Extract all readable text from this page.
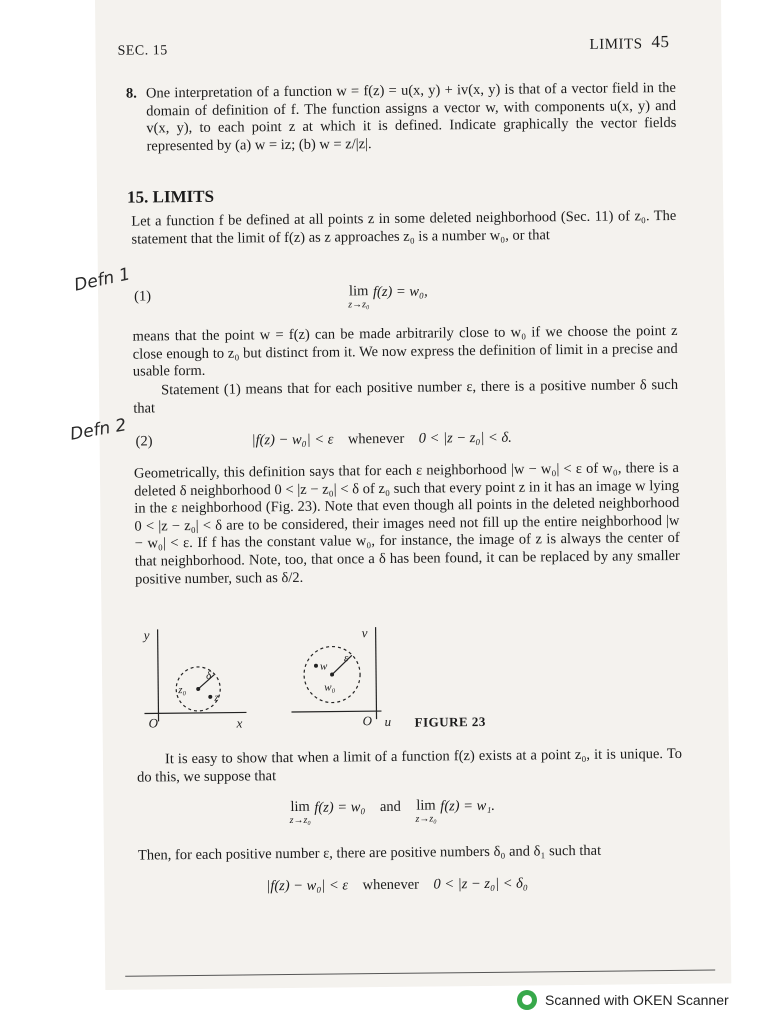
SEC. 15	LIMITS 45
8. One interpretation of a function w = f(z) = u(x, y) + iv(x, y) is that of a vector field in the domain of definition of f. The function assigns a vector w, with components u(x, y) and v(x, y), to each point z at which it is defined. Indicate graphically the vector fields represented by (a) w = iz; (b) w = z/|z|.
15. LIMITS
Let a function f be defined at all points z in some deleted neighborhood (Sec. 11) of z₀. The statement that the limit of f(z) as z approaches z₀ is a number w₀, or that
(1)	lim
z→z₀
f(z) = w₀,
means that the point w = f(z) can be made arbitrarily close to w₀ if we choose the point z close enough to z₀ but distinct from it. We now express the definition of limit in a precise and usable form.
Statement (1) means that for each positive number ε, there is a positive number δ such that
(2)	|f(z) − w₀| < ε whenever 0 < |z − z₀| < δ.
Geometrically, this definition says that for each ε neighborhood |w − w₀| < ε of w₀, there is a deleted δ neighborhood 0 < |z − z₀| < δ of z₀ such that every point z in it has an image w lying in the ε neighborhood (Fig. 23). Note that even though all points in the deleted neighborhood 0 < |z − z₀| < δ are to be considered, their images need not fill up the entire neighborhood |w − w₀| < ε. If f has the constant value w₀, for instance, the image of z is always the center of that neighborhood. Note, too, that once a δ has been found, it can be replaced by any smaller positive number, such as δ/2.
y
x
O
z₀
z
δ
v
u
O
w₀
w
ε
FIGURE 23
It is easy to show that when a limit of a function f(z) exists at a point z₀, it is unique. To do this, we suppose that
lim
z→z₀
f(z) = w₀ and lim
z→z₀
f(z) = w₁.
Then, for each positive number ε, there are positive numbers δ₀ and δ₁ such that
|f(z) − w₀| < ε whenever 0 < |z − z₀| < δ₀
Defn 1
Defn 2
Scanned with OKEN Scanner
